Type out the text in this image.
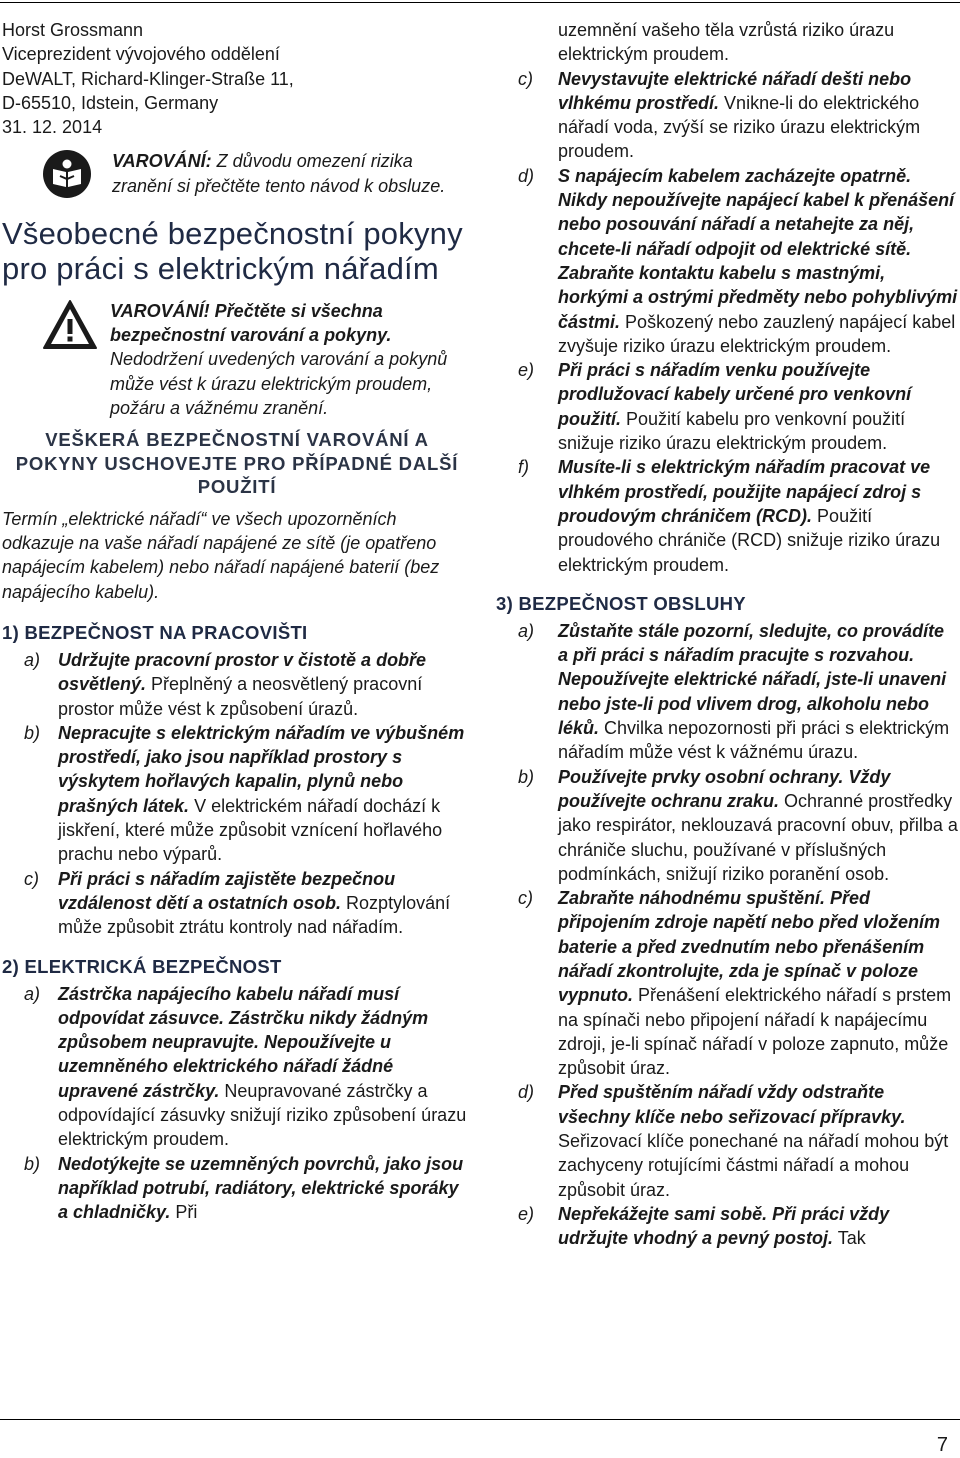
Horst Grossmann
Viceprezident vývojového oddělení
DeWALT, Richard-Klinger-Straße 11,
D-65510, Idstein, Germany
31. 12. 2014
VAROVÁNÍ: Z důvodu omezení rizika zranění si přečtěte tento návod k obsluze.
Všeobecné bezpečnostní pokyny pro práci s elektrickým nářadím
VAROVÁNÍ! Přečtěte si všechna bezpečnostní varování a pokyny. Nedodržení uvedených varování a pokynů může vést k úrazu elektrickým proudem, požáru a vážnému zranění.
VEŠKERÁ BEZPEČNOSTNÍ VAROVÁNÍ A POKYNY USCHOVEJTE PRO PŘÍPADNÉ DALŠÍ POUŽITÍ

Termín „elektrické nářadí“ ve všech upozorněních odkazuje na vaše nářadí napájené ze sítě (je opatřeno napájecím kabelem) nebo nářadí napájené baterií (bez napájecího kabelu).

1) BEZPEČNOST NA PRACOVIŠTI
a) Udržujte pracovní prostor v čistotě a dobře osvětlený. Přeplněný a neosvětlený pracovní prostor může vést k způsobení úrazů.
b) Nepracujte s elektrickým nářadím ve výbušném prostředí, jako jsou například prostory s výskytem hořlavých kapalin, plynů nebo prašných látek. V elektrickém nářadí dochází k jiskření, které může způsobit vznícení hořlavého prachu nebo výparů.
c)	Při práci s nářadím zajistěte bezpečnou vzdálenost dětí a ostatních osob. Rozptylování může způsobit ztrátu kontroly nad nářadím.
2) ELEKTRICKÁ BEZPEČNOST
a) Zástrčka napájecího kabelu nářadí musí odpovídat zásuvce. Zástrčku nikdy žádným způsobem neupravujte. Nepoužívejte u uzemněného elektrického nářadí žádné upravené zástrčky. Neupravované zástrčky a odpovídající zásuvky snižují riziko způsobení úrazu elektrickým proudem.
b) Nedotýkejte se uzemněných povrchů, jako jsou například potrubí, radiátory, elektrické sporáky a chladničky. Při
uzemnění vašeho těla vzrůstá riziko úrazu elektrickým proudem.
c)	Nevystavujte elektrické nářadí dešti nebo vlhkému prostředí. Vnikne-li do elektrického nářadí voda, zvýší se riziko úrazu elektrickým proudem.
d)	S napájecím kabelem zacházejte opatrně. Nikdy nepoužívejte napájecí kabel k přenášení nebo posouvání nářadí a netahejte za něj, chcete-li nářadí odpojit od elektrické sítě. Zabraňte kontaktu kabelu s mastnými, horkými a ostrými předměty nebo pohyblivými částmi. Poškozený nebo zauzlený napájecí kabel zvyšuje riziko úrazu elektrickým proudem.
e)	Při práci s nářadím venku používejte prodlužovací kabely určené pro venkovní použití. Použití kabelu pro venkovní použití snižuje riziko úrazu elektrickým proudem.
f)	Musíte-li s elektrickým nářadím pracovat ve vlhkém prostředí, použijte napájecí zdroj s proudovým chráničem (RCD). Použití proudového chrániče (RCD) snižuje riziko úrazu elektrickým proudem.
3) BEZPEČNOST OBSLUHY
a)	Zůstaňte stále pozorní, sledujte, co provádíte a při práci s nářadím pracujte s rozvahou. Nepoužívejte elektrické nářadí, jste-li unaveni nebo jste-li pod vlivem drog, alkoholu nebo léků. Chvilka nepozornosti při práci s elektrickým nářadím může vést k vážnému úrazu.
b)	Používejte prvky osobní ochrany. Vždy používejte ochranu zraku. Ochranné prostředky jako respirátor, neklouzavá pracovní obuv, přilba a chrániče sluchu, používané v příslušných podmínkách, snižují riziko poranění osob.
c)	Zabraňte náhodnému spuštění. Před připojením zdroje napětí nebo před vložením baterie a před zvednutím nebo přenášením nářadí zkontrolujte, zda je spínač v poloze vypnuto. Přenášení elektrického nářadí s prstem na spínači nebo připojení nářadí k napájecímu zdroji, je-li spínač nářadí v poloze zapnuto, může způsobit úraz.
d)	Před spuštěním nářadí vždy odstraňte všechny klíče nebo seřizovací přípravky. Seřizovací klíče ponechané na nářadí mohou být zachyceny rotujícími částmi nářadí a mohou způsobit úraz.
e)	Nepřekážejte sami sobě. Při práci vždy udržujte vhodný a pevný postoj. Tak
7
